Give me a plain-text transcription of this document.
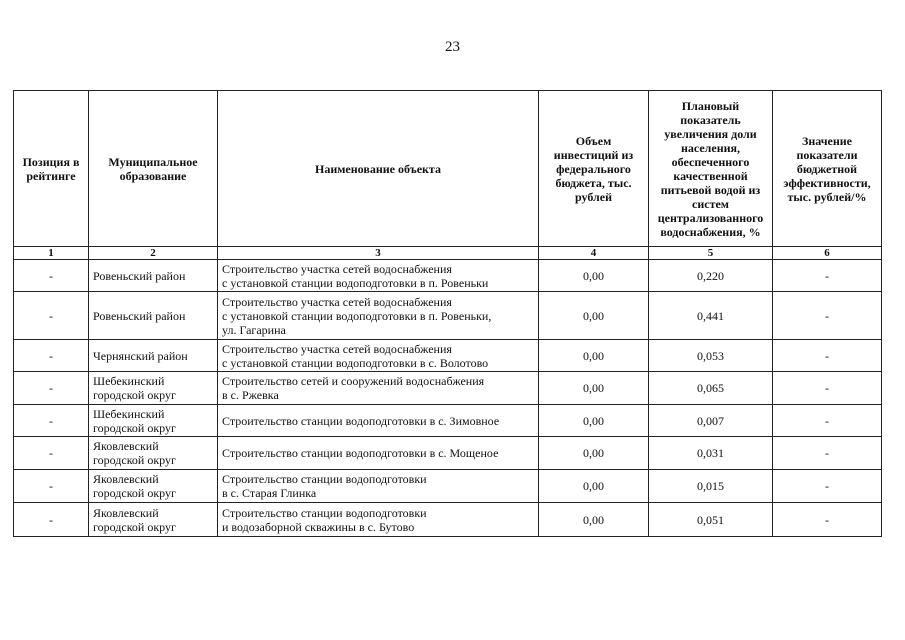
23
Позиция в рейтинге	Муниципальное образование	Наименование объекта	Объем инвестиций из федерального бюджета, тыс. рублей	Плановый показатель увеличения доли населения, обеспеченного качественной питьевой водой из систем централизованного водоснабжения, %	Значение показатели бюджетной эффективности, тыс. рублей/%
1	2	3	4	5	6
-	Ровеньский район	Строительство участка сетей водоснабжения
с установкой станции водоподготовки в п. Ровеньки	0,00	0,220	-
-	Ровеньский район	Строительство участка сетей водоснабжения
с установкой станции водоподготовки в п. Ровеньки,
ул. Гагарина	0,00	0,441	-
-	Чернянский район	Строительство участка сетей водоснабжения
с установкой станции водоподготовки в с. Волотово	0,00	0,053	-
-	Шебекинский
городской округ	Строительство сетей и сооружений водоснабжения
в с. Ржевка	0,00	0,065	-
-	Шебекинский
городской округ	Строительство станции водоподготовки в с. Зимовное	0,00	0,007	-
-	Яковлевский
городской округ	Строительство станции водоподготовки в с. Мощеное	0,00	0,031	-
-	Яковлевский
городской округ	Строительство станции водоподготовки
в с. Старая Глинка	0,00	0,015	-
-	Яковлевский
городской округ	Строительство станции водоподготовки
и водозаборной скважины в с. Бутово	0,00	0,051	-
